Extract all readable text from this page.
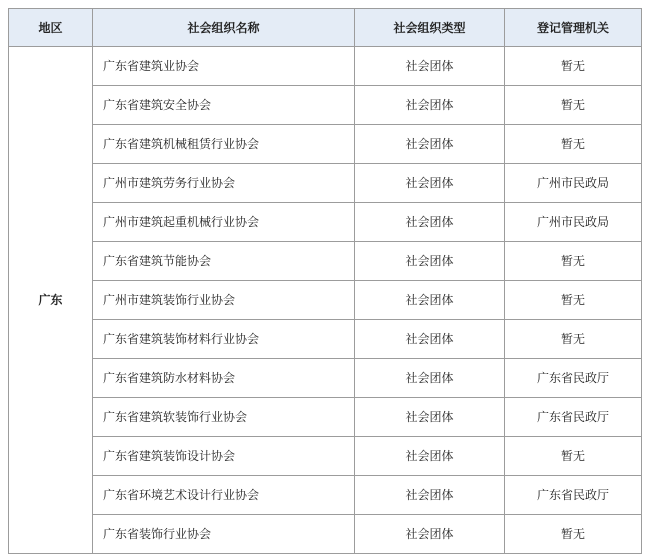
地区	社会组织名称	社会组织类型	登记管理机关
广东	广东省建筑业协会	社会团体	暂无
	广东省建筑安全协会	社会团体	暂无
	广东省建筑机械租赁行业协会	社会团体	暂无
	广州市建筑劳务行业协会	社会团体	广州市民政局
	广州市建筑起重机械行业协会	社会团体	广州市民政局
	广东省建筑节能协会	社会团体	暂无
	广州市建筑装饰行业协会	社会团体	暂无
	广东省建筑装饰材料行业协会	社会团体	暂无
	广东省建筑防水材料协会	社会团体	广东省民政厅
	广东省建筑软装饰行业协会	社会团体	广东省民政厅
	广东省建筑装饰设计协会	社会团体	暂无
	广东省环境艺术设计行业协会	社会团体	广东省民政厅
	广东省装饰行业协会	社会团体	暂无
